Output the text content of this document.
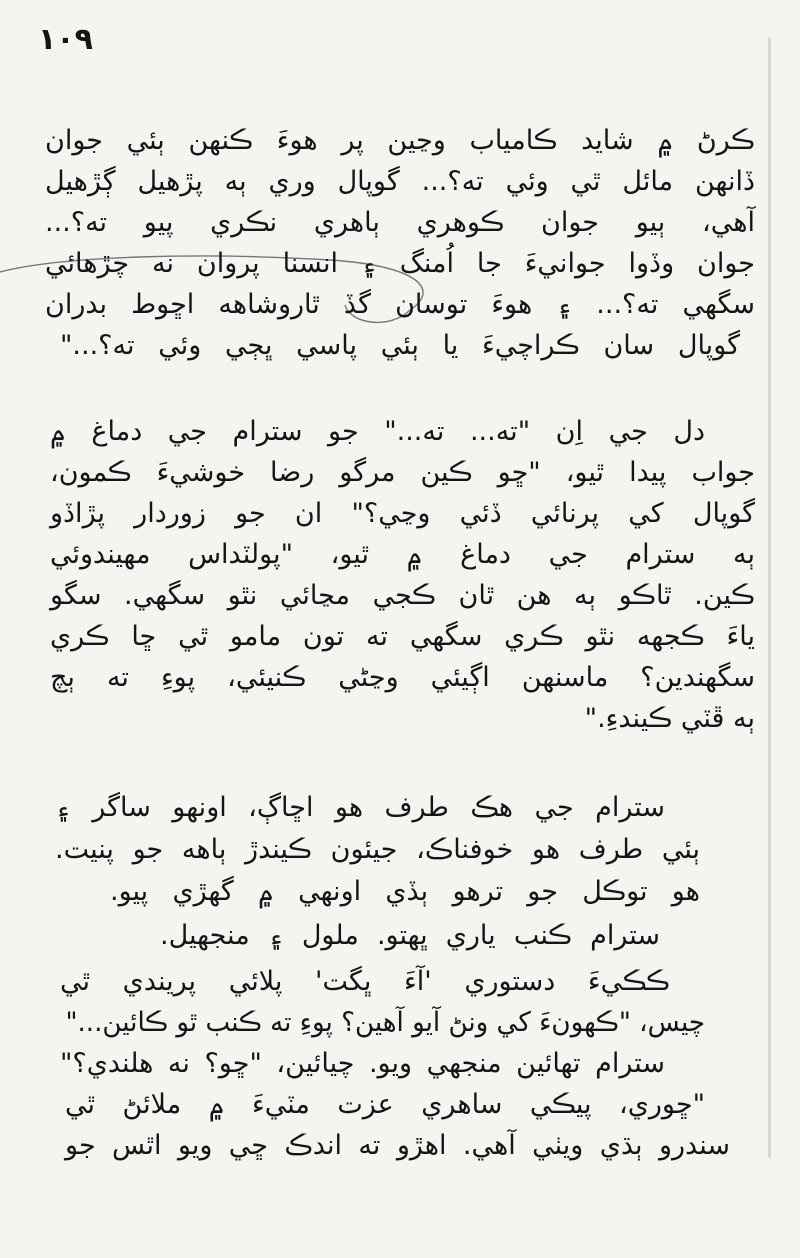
١٠٩
ڪرڻ ۾ شايد ڪامياب وڃين پر ھوءَ ڪنھن ٻئي جوان
ڏانھن مائل ٿي وئي ته؟... گوپال وري ٻه پڙھيل ڳڙھيل
آھي، ٻيو جوان ڪوھري ٻاھري نڪري پيو ته؟...
جوان وڏوا جوانيءَ جا اُمنگ ۽ انسنا پروان نه چڙھائي
سگھي ته؟... ۽ ھوءَ توسان گڏ ٿاروشاھه اڇوط بدران
گوپال سان ڪراچيءَ يا ٻئي پاسي ڀڄي وئي ته؟..."
دل جي اِن "ته... ته..." جو سترام جي دماغ ۾
جواب پيدا ٿيو، "ڇو ڪين مرگو رضا خوشيءَ ڪمون،
گوپال کي پرنائي ڏئي وڃي؟" ان جو زوردار پڙاڏو
ٻه سترام جي دماغ ۾ ٿيو، "پولٽداس مھيندوئي
ڪين. ٿاڪو ٻه ھن ٿان ڪجي مڃائي نٿو سگھي. سگو
ياءَ ڪجھه نٿو ڪري سگھي ته تون مامو ٿي ڇا ڪري
سگھندين؟ ماسنھن اڳيئي وڃڻي ڪنيئي، پوءِ ته ٻچ
ٻه ڦٽي ڪيندءِ."
سترام جي ھڪ طرف ھو اڇاڳ، اونھو ساگر ۽
ٻئي طرف ھو خوفناڪ، جيئون ڪيندڙ ٻاھه جو پنيت.
ھو توڪل جو ترھو ٻڏي اونھي ۾ گھڙي پيو.
سترام ڪنب ياري ڀھتو. ملول ۽ منجھيل.
ڪڪيءَ دستوري 'آءَ ڀگت' پلائي پريندي ٿي
چيس، "ڪھونءَ کي ونڻ آيو آھين؟ پوءِ ته ڪنب ٿو ڪائين..."
سترام تھائين منجھي ويو. چيائين، "ڇو؟ نه ھلندي؟"
"ڇوري، پيڪي ساھري عزت مٽيءَ ۾ ملائڻ ٿي
سندرو ٻڌي ويٺي آھي. اھڙو ته اندڪ ڇي ويو اٿس جو
